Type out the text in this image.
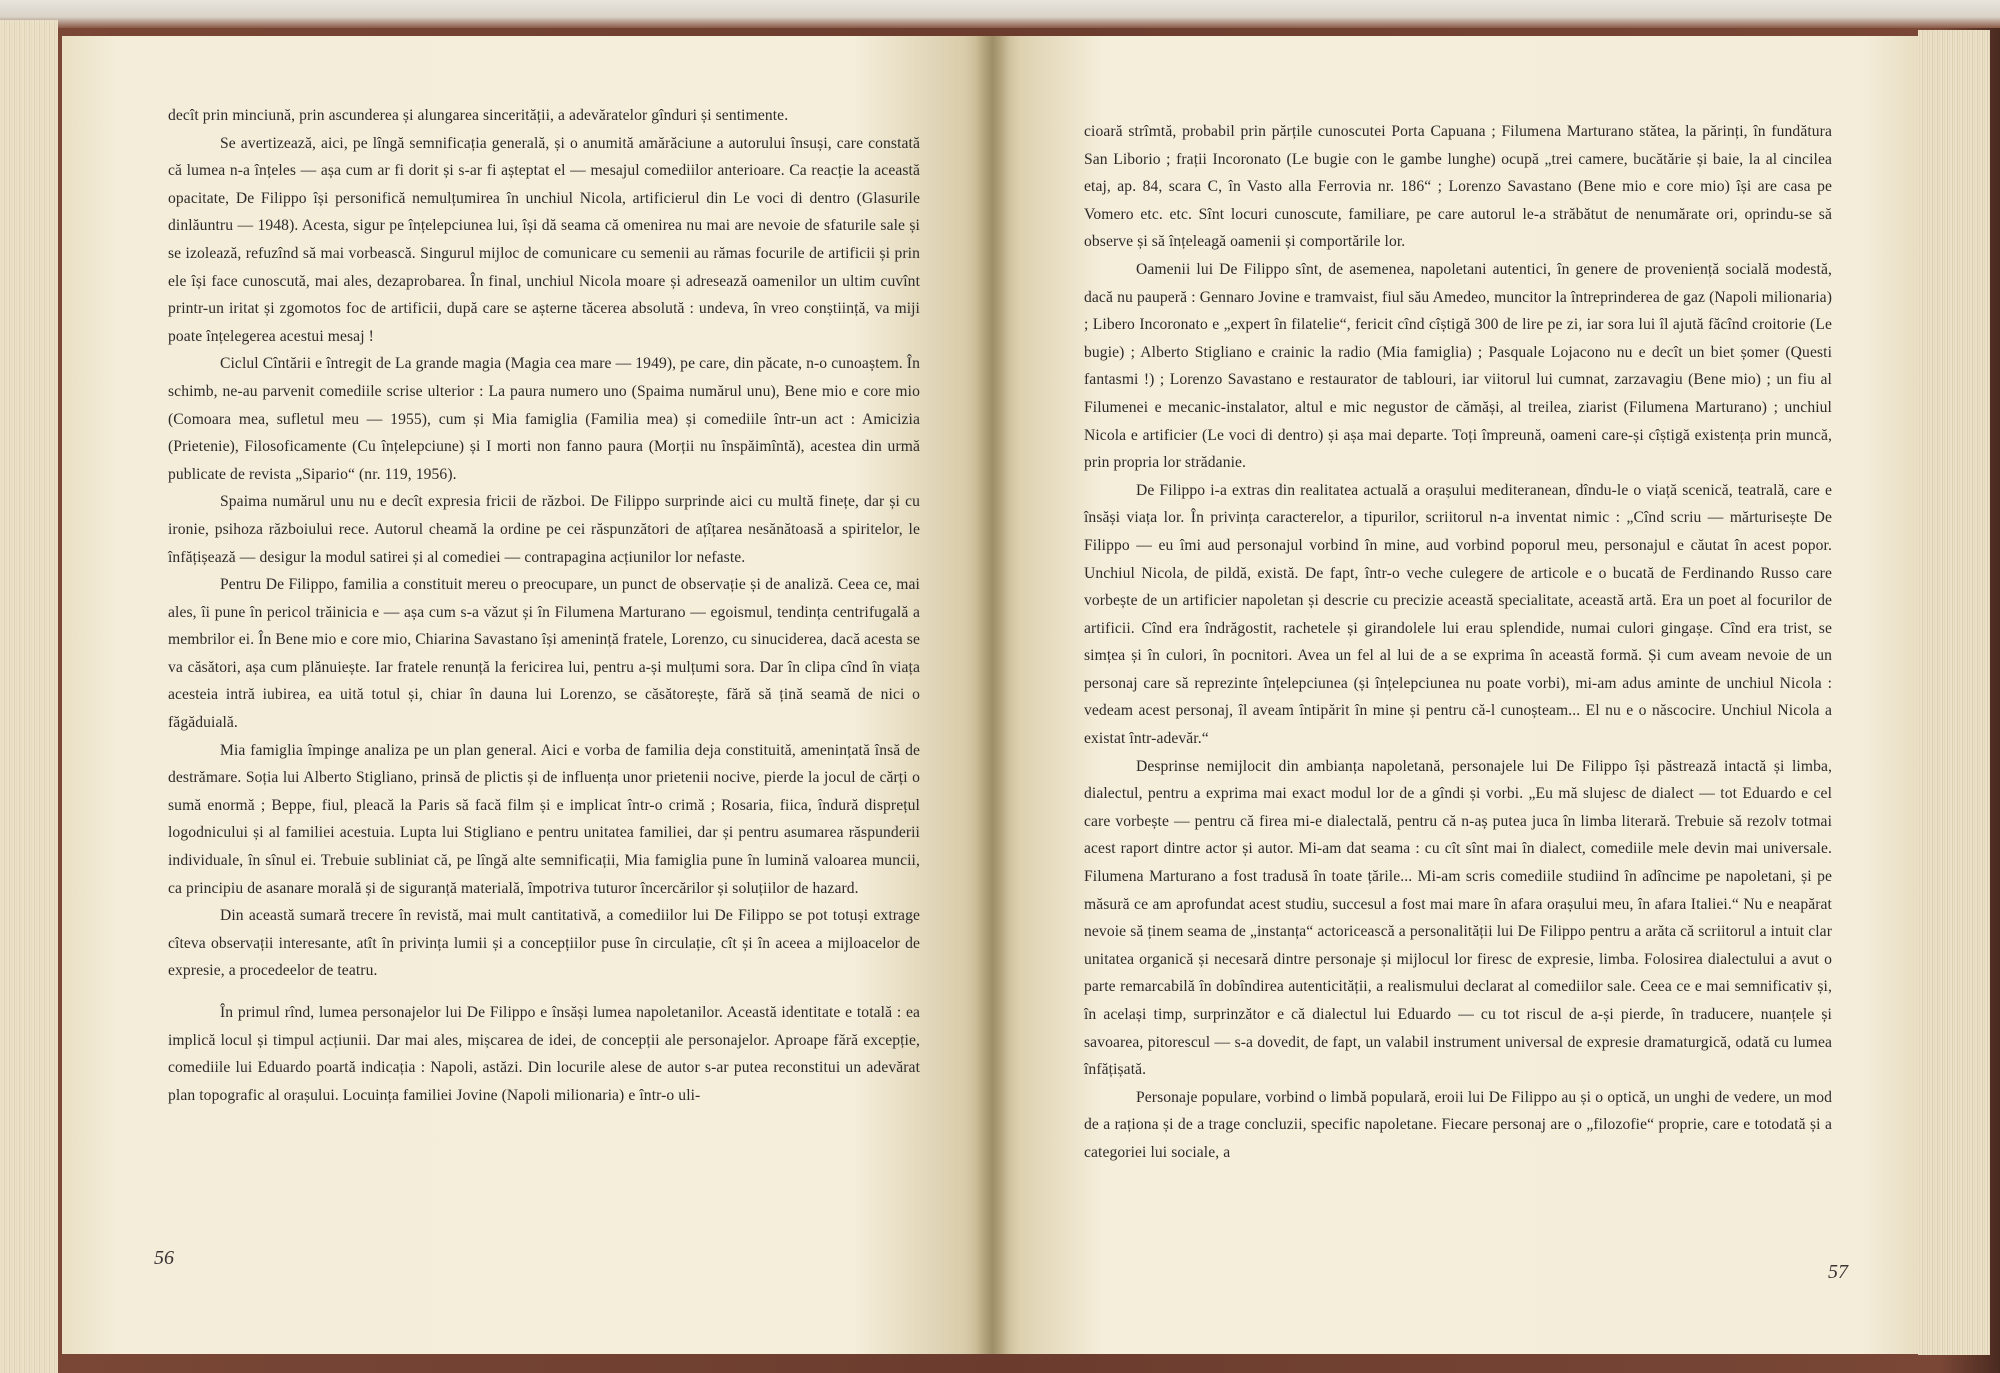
decît prin minciună, prin ascunderea și alungarea sincerității, a adevăratelor gînduri și sentimente.

Se avertizează, aici, pe lîngă semnificația generală, și o anumită amărăciune a autorului însuși, care constată că lumea n-a înțeles — așa cum ar fi dorit și s-ar fi așteptat el — mesajul comediilor anterioare. Ca reacție la această opacitate, De Filippo își personifică nemulțumirea în unchiul Nicola, artificierul din Le voci di dentro (Glasurile dinlăuntru — 1948). Acesta, sigur pe înțelepciunea lui, își dă seama că omenirea nu mai are nevoie de sfaturile sale și se izolează, refuzînd să mai vorbească. Singurul mijloc de comunicare cu semenii au rămas focurile de artificii și prin ele își face cunoscută, mai ales, dezaprobarea. În final, unchiul Nicola moare și adresează oamenilor un ultim cuvînt printr-un iritat și zgomotos foc de artificii, după care se așterne tăcerea absolută : undeva, în vreo conștiință, va miji poate înțelegerea acestui mesaj !

Ciclul Cîntării e întregit de La grande magia (Magia cea mare — 1949), pe care, din păcate, n-o cunoaștem. În schimb, ne-au parvenit comediile scrise ulterior : La paura numero uno (Spaima numărul unu), Bene mio e core mio (Comoara mea, sufletul meu — 1955), cum și Mia famiglia (Familia mea) și comediile într-un act : Amicizia (Prietenie), Filosoficamente (Cu înțelepciune) și I morti non fanno paura (Morții nu înspăimîntă), acestea din urmă publicate de revista „Sipario“ (nr. 119, 1956).

Spaima numărul unu nu e decît expresia fricii de război. De Filippo surprinde aici cu multă finețe, dar și cu ironie, psihoza războiului rece. Autorul cheamă la ordine pe cei răspunzători de ațîțarea nesănătoasă a spiritelor, le înfățișează — desigur la modul satirei și al comediei — contrapagina acțiunilor lor nefaste.

Pentru De Filippo, familia a constituit mereu o preocupare, un punct de observație și de analiză. Ceea ce, mai ales, îi pune în pericol trăinicia e — așa cum s-a văzut și în Filumena Marturano — egoismul, tendința centrifugală a membrilor ei. În Bene mio e core mio, Chiarina Savastano își amenință fratele, Lorenzo, cu sinuciderea, dacă acesta se va căsători, așa cum plănuiește. Iar fratele renunță la fericirea lui, pentru a-și mulțumi sora. Dar în clipa cînd în viața acesteia intră iubirea, ea uită totul și, chiar în dauna lui Lorenzo, se căsătorește, fără să țină seamă de nici o făgăduială.

Mia famiglia împinge analiza pe un plan general. Aici e vorba de familia deja constituită, amenințată însă de destrămare. Soția lui Alberto Stigliano, prinsă de plictis și de influența unor prietenii nocive, pierde la jocul de cărți o sumă enormă ; Beppe, fiul, pleacă la Paris să facă film și e implicat într-o crimă ; Rosaria, fiica, îndură disprețul logodnicului și al familiei acestuia. Lupta lui Stigliano e pentru unitatea familiei, dar și pentru asumarea răspunderii individuale, în sînul ei. Trebuie subliniat că, pe lîngă alte semnificații, Mia famiglia pune în lumină valoarea muncii, ca principiu de asanare morală și de siguranță materială, împotriva tuturor încercărilor și soluțiilor de hazard.

Din această sumară trecere în revistă, mai mult cantitativă, a comediilor lui De Filippo se pot totuși extrage cîteva observații interesante, atît în privința lumii și a concepțiilor puse în circulație, cît și în aceea a mijloacelor de expresie, a procedeelor de teatru.

În primul rînd, lumea personajelor lui De Filippo e însăși lumea napoletanilor. Această identitate e totală : ea implică locul și timpul acțiunii. Dar mai ales, mișcarea de idei, de concepții ale personajelor. Aproape fără excepție, comediile lui Eduardo poartă indicația : Napoli, astăzi. Din locurile alese de autor s-ar putea reconstitui un adevărat plan topografic al orașului. Locuința familiei Jovine (Napoli milionaria) e într-o uli-

56

cioară strîmtă, probabil prin părțile cunoscutei Porta Capuana ; Filumena Marturano stătea, la părinți, în fundătura San Liborio ; frații Incoronato (Le bugie con le gambe lunghe) ocupă „trei camere, bucătărie și baie, la al cincilea etaj, ap. 84, scara C, în Vasto alla Ferrovia nr. 186“ ; Lorenzo Savastano (Bene mio e core mio) își are casa pe Vomero etc. etc. Sînt locuri cunoscute, familiare, pe care autorul le-a străbătut de nenumărate ori, oprindu-se să observe și să înțeleagă oamenii și comportările lor.

Oamenii lui De Filippo sînt, de asemenea, napoletani autentici, în genere de proveniență socială modestă, dacă nu pauperă : Gennaro Jovine e tramvaist, fiul său Amedeo, muncitor la întreprinderea de gaz (Napoli milionaria) ; Libero Incoronato e „expert în filatelie“, fericit cînd cîștigă 300 de lire pe zi, iar sora lui îl ajută făcînd croitorie (Le bugie) ; Alberto Stigliano e crainic la radio (Mia famiglia) ; Pasquale Lojacono nu e decît un biet șomer (Questi fantasmi !) ; Lorenzo Savastano e restaurator de tablouri, iar viitorul lui cumnat, zarzavagiu (Bene mio) ; un fiu al Filumenei e mecanic-instalator, altul e mic negustor de cămăși, al treilea, ziarist (Filumena Marturano) ; unchiul Nicola e artificier (Le voci di dentro) și așa mai departe. Toți împreună, oameni care-și cîștigă existența prin muncă, prin propria lor strădanie.

De Filippo i-a extras din realitatea actuală a orașului mediteranean, dîndu-le o viață scenică, teatrală, care e însăși viața lor. În privința caracterelor, a tipurilor, scriitorul n-a inventat nimic : „Cînd scriu — mărturisește De Filippo — eu îmi aud personajul vorbind în mine, aud vorbind poporul meu, personajul e căutat în acest popor. Unchiul Nicola, de pildă, există. De fapt, într-o veche culegere de articole e o bucată de Ferdinando Russo care vorbește de un artificier napoletan și descrie cu precizie această specialitate, această artă. Era un poet al focurilor de artificii. Cînd era îndrăgostit, rachetele și girandolele lui erau splendide, numai culori gingașe. Cînd era trist, se simțea și în culori, în pocnitori. Avea un fel al lui de a se exprima în această formă. Și cum aveam nevoie de un personaj care să reprezinte înțelepciunea (și înțelepciunea nu poate vorbi), mi-am adus aminte de unchiul Nicola : vedeam acest personaj, îl aveam întipărit în mine și pentru că-l cunoșteam... El nu e o născocire. Unchiul Nicola a existat într-adevăr.“

Desprinse nemijlocit din ambianța napoletană, personajele lui De Filippo își păstrează intactă și limba, dialectul, pentru a exprima mai exact modul lor de a gîndi și vorbi. „Eu mă slujesc de dialect — tot Eduardo e cel care vorbește — pentru că firea mi-e dialectală, pentru că n-aș putea juca în limba literară. Trebuie să rezolv totmai acest raport dintre actor și autor. Mi-am dat seama : cu cît sînt mai în dialect, comediile mele devin mai universale. Filumena Marturano a fost tradusă în toate țările... Mi-am scris comediile studiind în adîncime pe napoletani, și pe măsură ce am aprofundat acest studiu, succesul a fost mai mare în afara orașului meu, în afara Italiei.“ Nu e neapărat nevoie să ținem seama de „instanța“ actoricească a personalității lui De Filippo pentru a arăta că scriitorul a intuit clar unitatea organică și necesară dintre personaje și mijlocul lor firesc de expresie, limba. Folosirea dialectului a avut o parte remarcabilă în dobîndirea autenticității, a realismului declarat al comediilor sale. Ceea ce e mai semnificativ și, în același timp, surprinzător e că dialectul lui Eduardo — cu tot riscul de a-și pierde, în traducere, nuanțele și savoarea, pitorescul — s-a dovedit, de fapt, un valabil instrument universal de expresie dramaturgică, odată cu lumea înfățișată.

Personaje populare, vorbind o limbă populară, eroii lui De Filippo au și o optică, un unghi de vedere, un mod de a raționa și de a trage concluzii, specific napoletane. Fiecare personaj are o „filozofie“ proprie, care e totodată și a categoriei lui sociale, a

57
